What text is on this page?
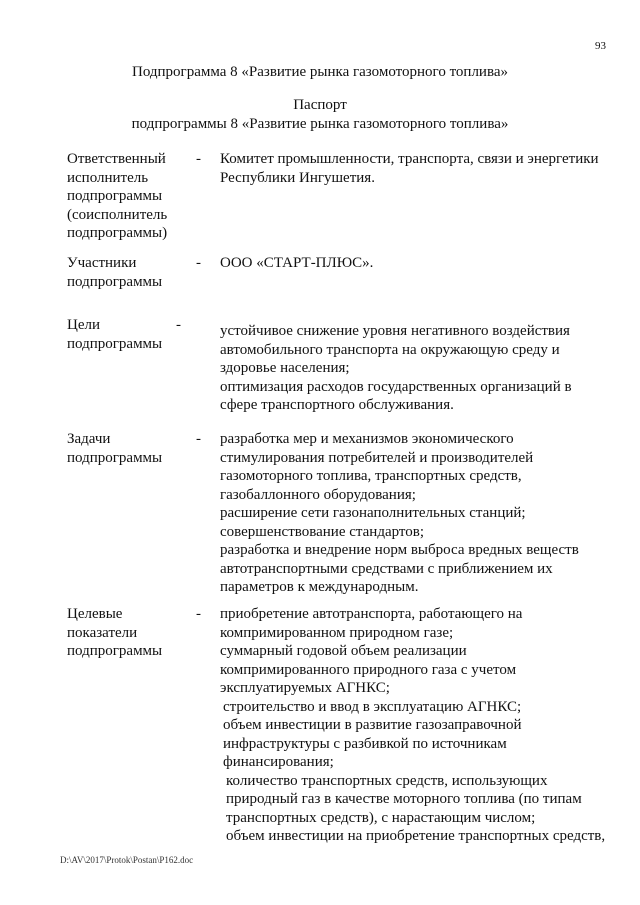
93
Подпрограмма 8 «Развитие рынка газомоторного топлива»
Паспорт
подпрограммы 8 «Развитие рынка газомоторного топлива»
Ответственный
исполнитель
подпрограммы
(соисполнитель
подпрограммы)
- Комитет промышленности, транспорта, связи и энергетики
Республики Ингушетия.
Участники
подпрограммы
- ООО «СТАРТ-ПЛЮС».
Цели
подпрограммы
-	устойчивое снижение уровня негативного воздействия
автомобильного транспорта на окружающую среду и
здоровье населения;
оптимизация расходов государственных организаций в
сфере транспортного обслуживания.
Задачи
подпрограммы
- разработка мер и механизмов экономического
стимулирования потребителей и производителей
газомоторного топлива, транспортных средств,
газобаллонного оборудования;
расширение сети газонаполнительных станций;
совершенствование стандартов;
разработка и внедрение норм выброса вредных веществ
автотранспортными средствами с приближением их
параметров к международным.
Целевые
показатели
подпрограммы
- приобретение автотранспорта, работающего на
компримированном природном газе;
суммарный годовой объем реализации
компримированного природного газа с учетом
эксплуатируемых АГНКС;
строительство и ввод в эксплуатацию АГНКС;
объем инвестиции в развитие газозаправочной
инфраструктуры с разбивкой по источникам
финансирования;
количество транспортных средств, использующих
природный газ в качестве моторного топлива (по типам
транспортных средств), с нарастающим числом;
объем инвестиции на приобретение транспортных средств,
D:\AV\2017\Protok\Postan\P162.doc
